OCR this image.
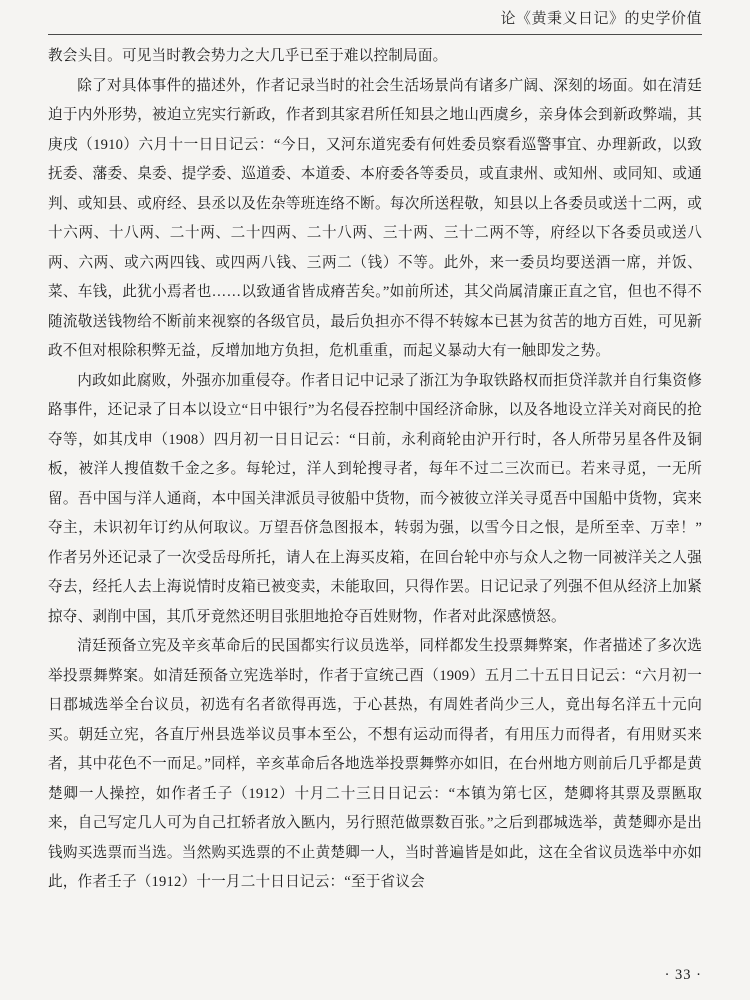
论《黄秉义日记》的史学价值

教会头目。可见当时教会势力之大几乎已至于难以控制局面。

除了对具体事件的描述外，作者记录当时的社会生活场景尚有诸多广阔、深刻的场面。如在清廷迫于内外形势，被迫立宪实行新政，作者到其家君所任知县之地山西虞乡，亲身体会到新政弊端，其庚戌（1910）六月十一日日记云：“今日，又河东道宪委有何姓委员察看巡警事宜、办理新政，以致抚委、藩委、臬委、提学委、巡道委、本道委、本府委各等委员，或直隶州、或知州、或同知、或通判、或知县、或府经、县丞以及佐杂等班连络不断。每次所送程敬，知县以上各委员或送十二两，或十六两、十八两、二十两、二十四两、二十八两、三十两、三十二两不等，府经以下各委员或送八两、六两、或六两四钱、或四两八钱、三两二（钱）不等。此外，来一委员均要送酒一席，并饭、菜、车钱，此犹小焉者也……以致通省皆成瘠苦矣。”如前所述，其父尚属清廉正直之官，但也不得不随流敬送钱物给不断前来视察的各级官员，最后负担亦不得不转嫁本已甚为贫苦的地方百姓，可见新政不但对根除积弊无益，反增加地方负担，危机重重，而起义暴动大有一触即发之势。

内政如此腐败，外强亦加重侵夺。作者日记中记录了浙江为争取铁路权而拒贷洋款并自行集资修路事件，还记录了日本以设立“日中银行”为名侵吞控制中国经济命脉，以及各地设立洋关对商民的抢夺等，如其戊申（1908）四月初一日日记云：“日前，永利商轮由沪开行时，各人所带另星各件及铜板，被洋人搜值数千金之多。每轮过，洋人到轮搜寻者，每年不过二三次而已。若来寻觅，一无所留。吾中国与洋人通商，本中国关津派员寻彼船中货物，而今被彼立洋关寻觅吾中国船中货物，宾来夺主，未识初年订约从何取议。万望吾侪急图报本，转弱为强，以雪今日之恨，是所至幸、万幸！”作者另外还记录了一次受岳母所托，请人在上海买皮箱，在回台轮中亦与众人之物一同被洋关之人强夺去，经托人去上海说情时皮箱已被变卖，未能取回，只得作罢。日记记录了列强不但从经济上加紧掠夺、剥削中国，其爪牙竟然还明目张胆地抢夺百姓财物，作者对此深感愤怒。

清廷预备立宪及辛亥革命后的民国都实行议员选举，同样都发生投票舞弊案，作者描述了多次选举投票舞弊案。如清廷预备立宪选举时，作者于宣统己酉（1909）五月二十五日日记云：“六月初一日郡城选举全台议员，初选有名者欲得再选，于心甚热，有周姓者尚少三人，竟出每名洋五十元向买。朝廷立宪，各直厅州县选举议员事本至公，不想有运动而得者，有用压力而得者，有用财买来者，其中花色不一而足。”同样，辛亥革命后各地选举投票舞弊亦如旧，在台州地方则前后几乎都是黄楚卿一人操控，如作者壬子（1912）十月二十三日日记云：“本镇为第七区，楚卿将其票及票匦取来，自己写定几人可为自己扛轿者放入匦内，另行照范做票数百张。”之后到郡城选举，黄楚卿亦是出钱购买选票而当选。当然购买选票的不止黄楚卿一人，当时普遍皆是如此，这在全省议员选举中亦如此，作者壬子（1912）十一月二十日日记云：“至于省议会

· 33 ·
